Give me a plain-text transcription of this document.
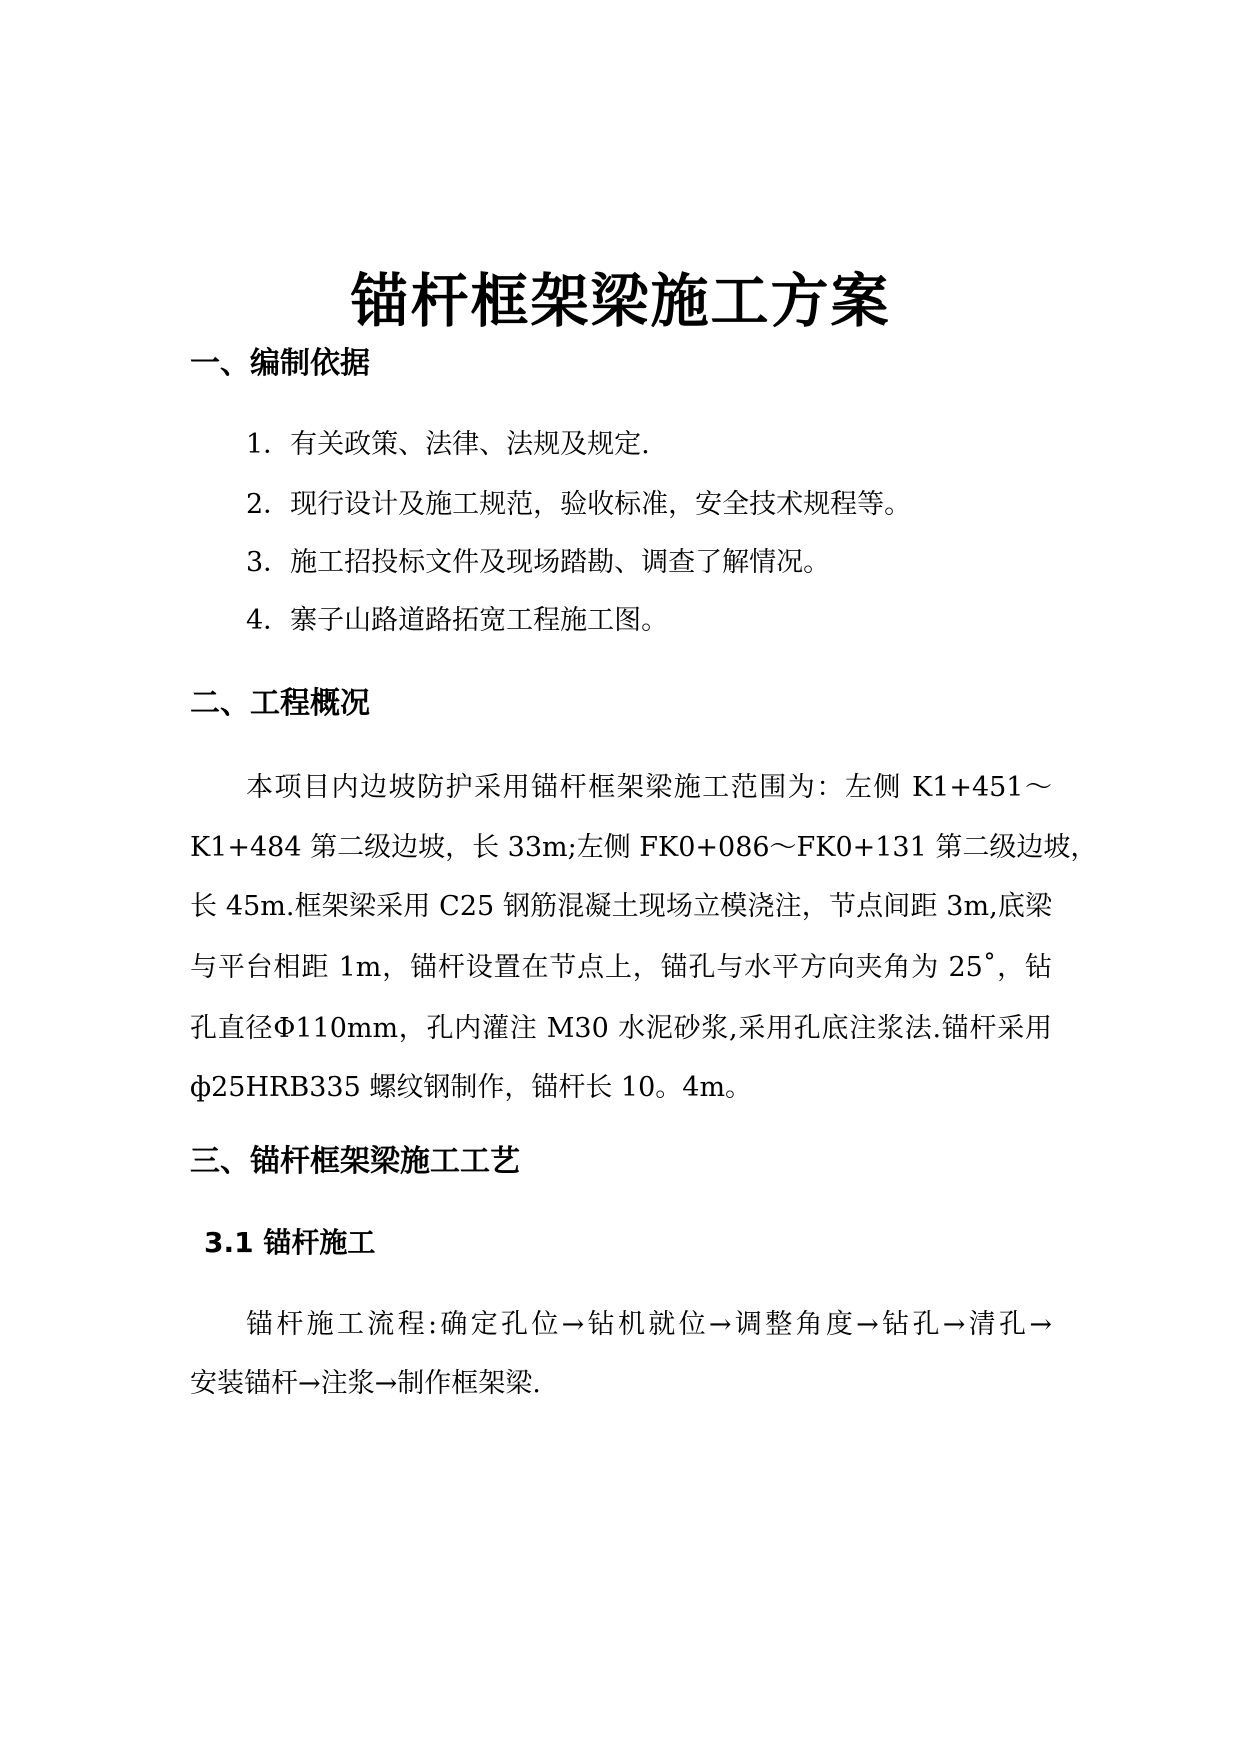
锚杆框架梁施工方案
一、编制依据

1．有关政策、法律、法规及规定.

2．现行设计及施工规范，验收标准，安全技术规程等。

3．施工招投标文件及现场踏勘、调查了解情况。

4．寨子山路道路拓宽工程施工图。

二、工程概况

本项目内边坡防护采用锚杆框架梁施工范围为：左侧 K1+451～

K1+484 第二级边坡，长 33m;左侧 FK0+086～FK0+131 第二级边坡，

长 45m.框架梁采用 C25 钢筋混凝土现场立模浇注，节点间距 3m,底梁

与平台相距 1m，锚杆设置在节点上，锚孔与水平方向夹角为 25˚，钻

孔直径Φ110mm，孔内灌注 M30 水泥砂浆,采用孔底注浆法.锚杆采用

ф25HRB335 螺纹钢制作，锚杆长 10。4m。

三、锚杆框架梁施工工艺
3.1 锚杆施工

锚杆施工流程:确定孔位→钻机就位→调整角度→钻孔→清孔→

安装锚杆→注浆→制作框架梁.
